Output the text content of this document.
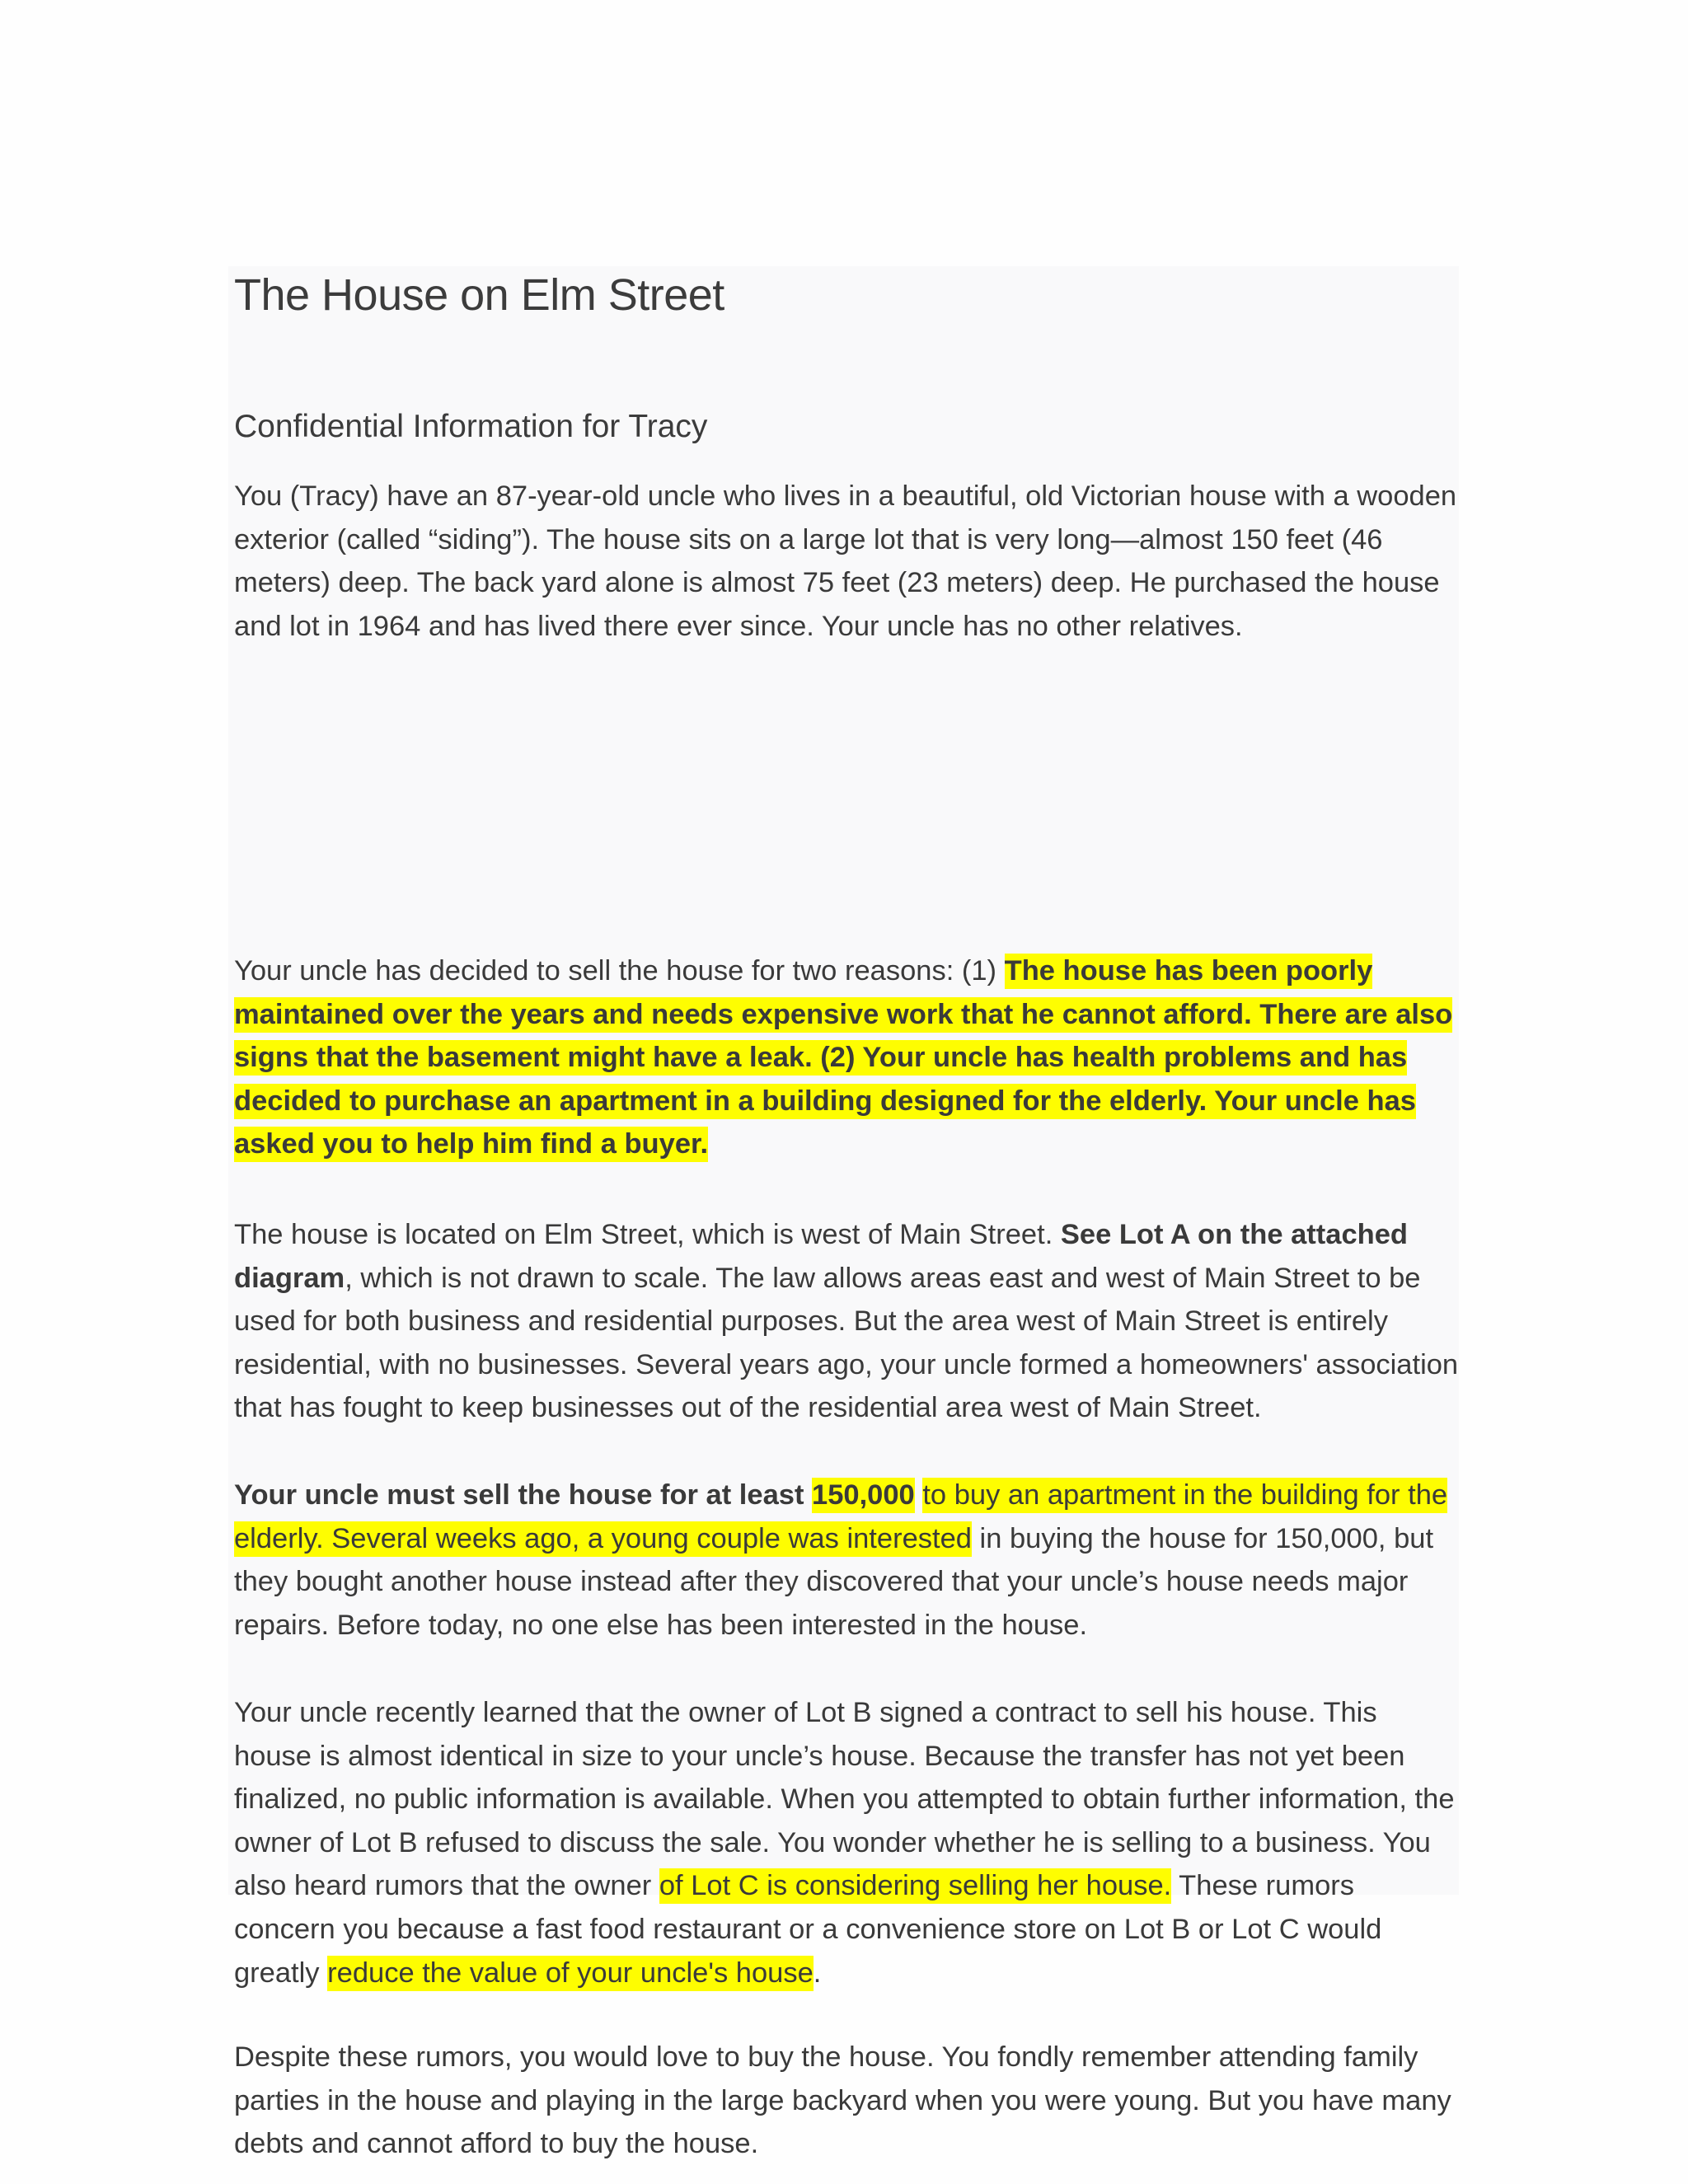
The House on Elm Street
Confidential Information for Tracy

You (Tracy) have an 87-year-old uncle who lives in a beautiful, old Victorian house with a wooden exterior (called “siding”). The house sits on a large lot that is very long—almost 150 feet (46 meters) deep. The back yard alone is almost 75 feet (23 meters) deep. He purchased the house and lot in 1964 and has lived there ever since. Your uncle has no other relatives.

Your uncle has decided to sell the house for two reasons: (1) The house has been poorly maintained over the years and needs expensive work that he cannot afford. There are also signs that the basement might have a leak. (2) Your uncle has health problems and has decided to purchase an apartment in a building designed for the elderly. Your uncle has asked you to help him find a buyer.

The house is located on Elm Street, which is west of Main Street. See Lot A on the attached diagram, which is not drawn to scale. The law allows areas east and west of Main Street to be used for both business and residential purposes. But the area west of Main Street is entirely residential, with no businesses. Several years ago, your uncle formed a homeowners' association that has fought to keep businesses out of the residential area west of Main Street.

Your uncle must sell the house for at least 150,000 to buy an apartment in the building for the elderly. Several weeks ago, a young couple was interested in buying the house for 150,000, but they bought another house instead after they discovered that your uncle’s house needs major repairs. Before today, no one else has been interested in the house.

Your uncle recently learned that the owner of Lot B signed a contract to sell his house. This house is almost identical in size to your uncle’s house. Because the transfer has not yet been finalized, no public information is available. When you attempted to obtain further information, the owner of Lot B refused to discuss the sale. You wonder whether he is selling to a business. You also heard rumors that the owner of Lot C is considering selling her house. These rumors concern you because a fast food restaurant or a convenience store on Lot B or Lot C would greatly reduce the value of your uncle's house.

Despite these rumors, you would love to buy the house. You fondly remember attending family parties in the house and playing in the large backyard when you were young. But you have many debts and cannot afford to buy the house.
